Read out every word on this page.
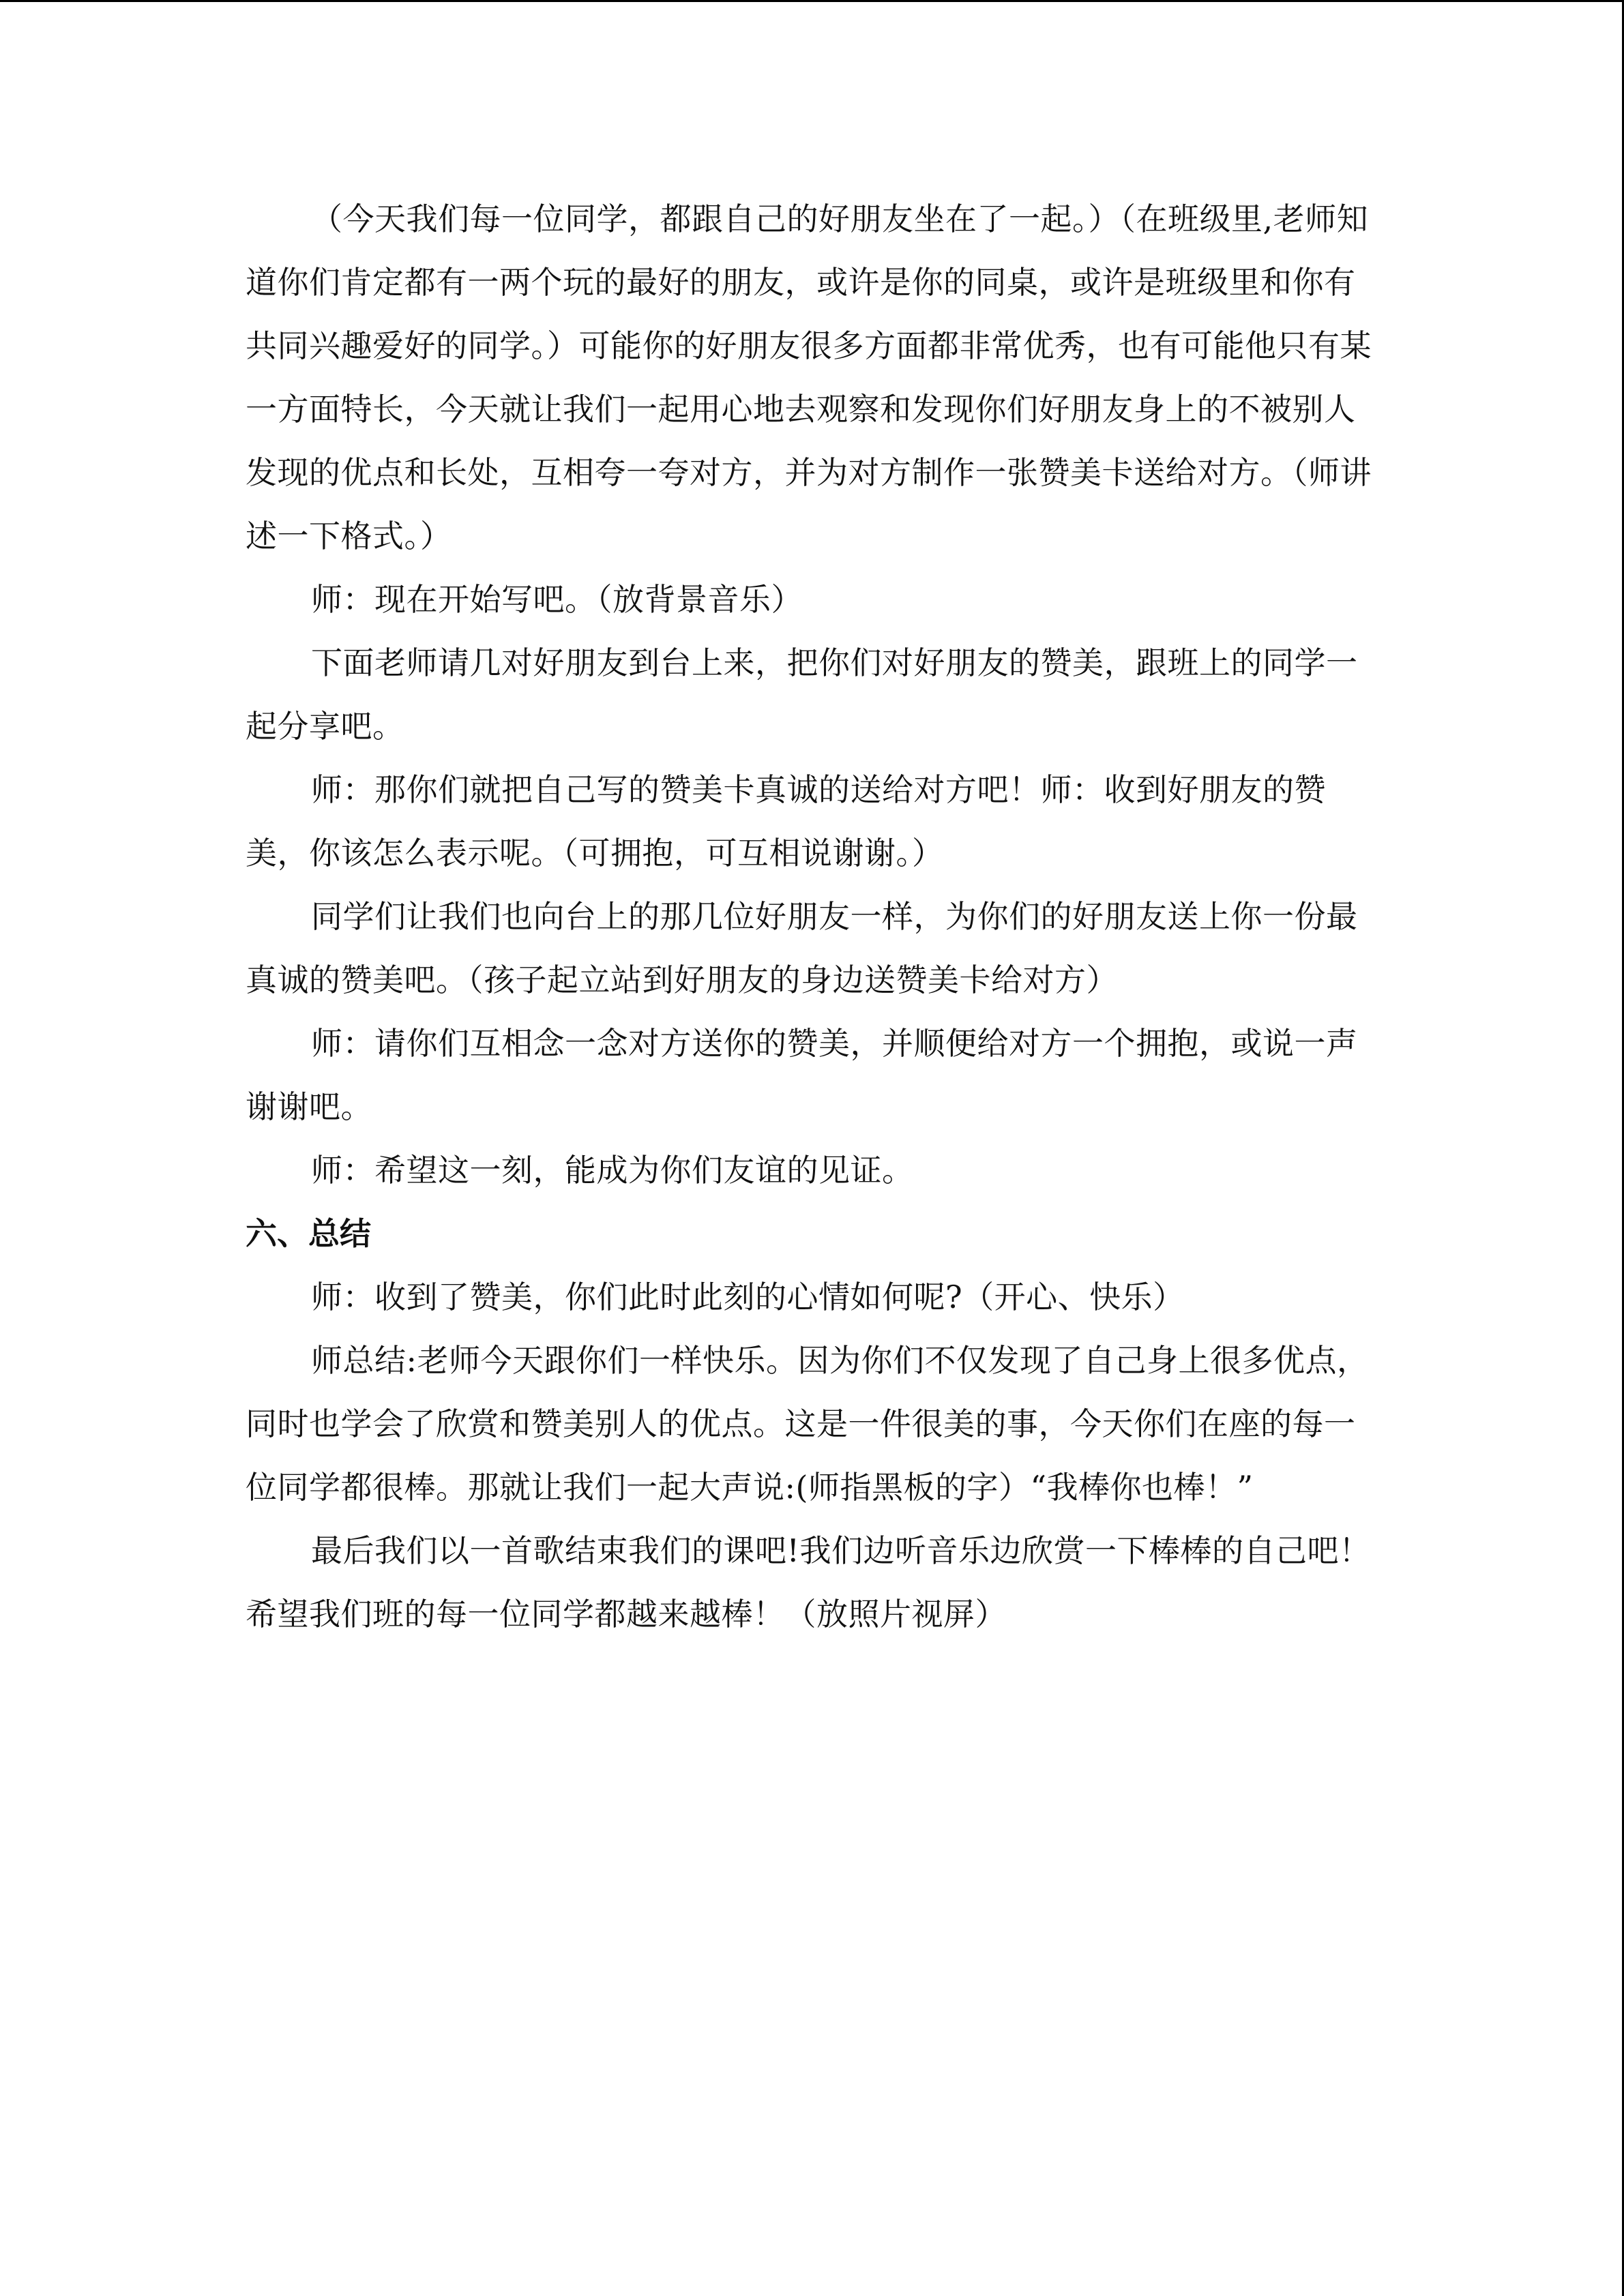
（今天我们每一位同学，都跟自己的好朋友坐在了一起。）（在班级里,老师知道你们肯定都有一两个玩的最好的朋友，或许是你的同桌，或许是班级里和你有共同兴趣爱好的同学。）可能你的好朋友很多方面都非常优秀，也有可能他只有某一方面特长，今天就让我们一起用心地去观察和发现你们好朋友身上的不被别人发现的优点和长处，互相夸一夸对方，并为对方制作一张赞美卡送给对方。（师讲述一下格式。）

师：现在开始写吧。（放背景音乐）

下面老师请几对好朋友到台上来，把你们对好朋友的赞美，跟班上的同学一起分享吧。

师：那你们就把自己写的赞美卡真诚的送给对方吧！师：收到好朋友的赞美，你该怎么表示呢。（可拥抱，可互相说谢谢。）

同学们让我们也向台上的那几位好朋友一样，为你们的好朋友送上你一份最真诚的赞美吧。（孩子起立站到好朋友的身边送赞美卡给对方）

师：请你们互相念一念对方送你的赞美，并顺便给对方一个拥抱，或说一声谢谢吧。

师：希望这一刻，能成为你们友谊的见证。

六、总结

师：收到了赞美，你们此时此刻的心情如何呢?（开心、快乐）

师总结:老师今天跟你们一样快乐。因为你们不仅发现了自己身上很多优点，同时也学会了欣赏和赞美别人的优点。这是一件很美的事，今天你们在座的每一位同学都很棒。那就让我们一起大声说:(师指黑板的字）“我棒你也棒！”

最后我们以一首歌结束我们的课吧!我们边听音乐边欣赏一下棒棒的自己吧！希望我们班的每一位同学都越来越棒！（放照片视屏）
